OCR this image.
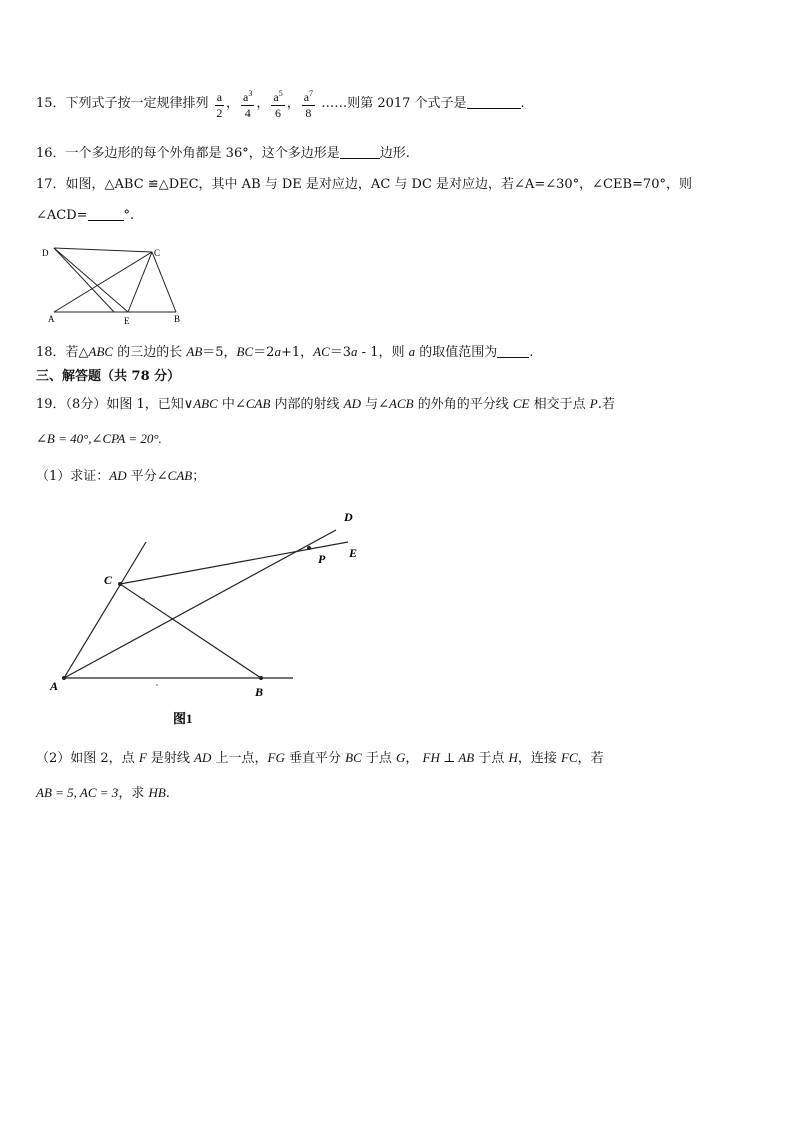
15．下列式子按一定规律排列 $\frac{a}{2}$ ， $\frac{a^3}{4}$ ， $\frac{a^5}{6}$ ， $\frac{a^7}{8}$ ……则第 2017 个式子是	.
16．一个多边形的每个外角都是 36°，这个多边形是	边形.
17．如图，△ABC ≌△DEC，其中 AB 与 DE 是对应边，AC 与 DC 是对应边，若∠A=∠30°，∠CEB=70°，则
∠ACD=	°.
D	C
A	E	B
18．若△ABC 的三边的长 AB＝5，BC＝2a+1，AC＝3a - 1，则 a 的取值范围为 .
三、解答题（共 78 分）
19．（8分）如图 1，已知∨ABC 中∠CAB 内部的射线 AD 与∠ACB 的外角的平分线 CE 相交于点 P.若
∠B = 40°,∠CPA = 20°.
（1）求证：AD 平分∠CAB；
D
E
P
C
A	B
图1
（2）如图 2，点 F 是射线 AD 上一点，FG 垂直平分 BC 于点 G， FH ⊥ AB 于点 H，连接 FC，若
AB = 5, AC = 3，求 HB.
